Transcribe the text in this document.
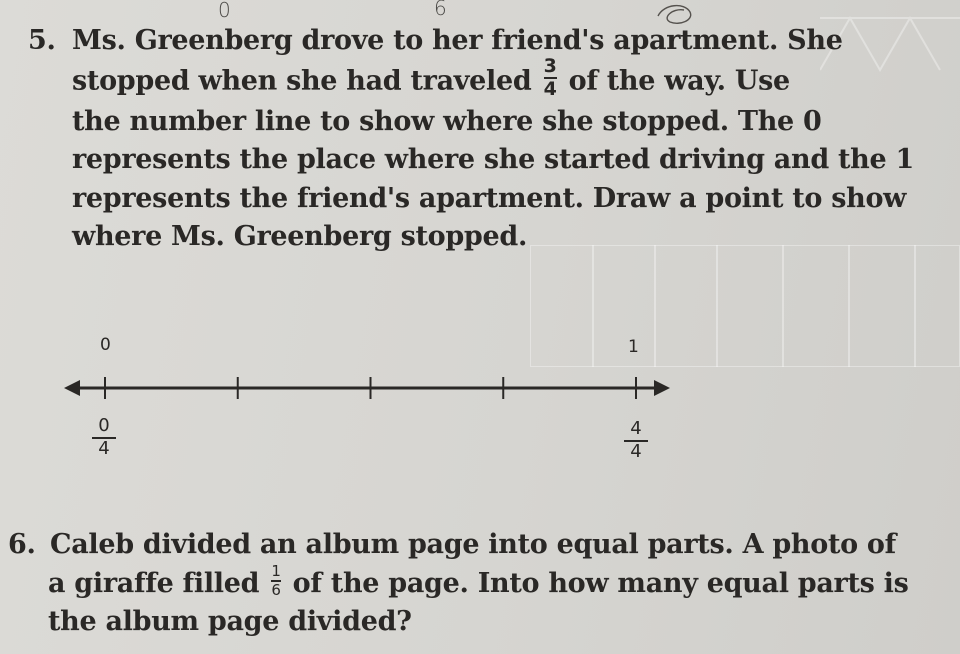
0	6
5. Ms. Greenberg drove to her friend's apartment. She
stopped when she had traveled $\frac{3}{4}$ of the way. Use
the number line to show where she stopped. The 0
represents the place where she started driving and the 1
represents the friend's apartment. Draw a point to show
where Ms. Greenberg stopped.
0	1
0
4
4
4
6. Caleb divided an album page into equal parts. A photo of
a giraffe filled $\frac{1}{6}$ of the page. Into how many equal parts is
the album page divided?
